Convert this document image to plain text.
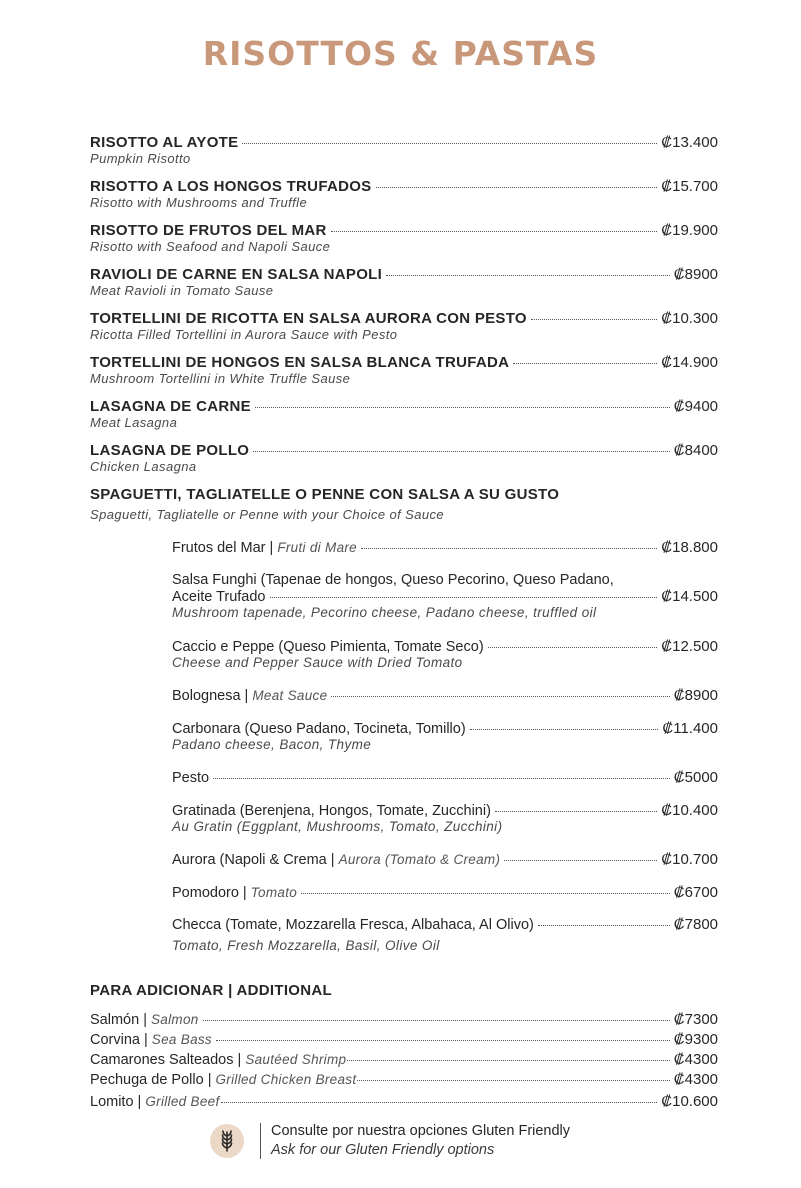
RISOTTOS & PASTAS
RISOTTO AL AYOTE	₡13.400
Pumpkin Risotto
RISOTTO A LOS HONGOS TRUFADOS	₡15.700
Risotto with Mushrooms and Truffle
RISOTTO DE FRUTOS DEL MAR	₡19.900
Risotto with Seafood and Napoli Sauce
RAVIOLI DE CARNE EN SALSA NAPOLI	₡8900
Meat Ravioli in Tomato Sause
TORTELLINI DE RICOTTA EN SALSA AURORA CON PESTO	₡10.300
Ricotta Filled Tortellini in Aurora Sauce with Pesto
TORTELLINI DE HONGOS EN SALSA BLANCA TRUFADA	₡14.900
Mushroom Tortellini in White Truffle Sause
LASAGNA DE CARNE	₡9400
Meat Lasagna
LASAGNA DE POLLO	₡8400
Chicken Lasagna
SPAGUETTI, TAGLIATELLE O PENNE CON SALSA A SU GUSTO
Spaguetti, Tagliatelle or Penne with your Choice of Sauce
Frutos del Mar | Fruti di Mare	₡18.800
Salsa Funghi (Tapenae de hongos, Queso Pecorino, Queso Padano,
Aceite Trufado	₡14.500
Mushroom tapenade, Pecorino cheese, Padano cheese, truffled oil
Caccio e Peppe (Queso Pimienta, Tomate Seco)	₡12.500
Cheese and Pepper Sauce with Dried Tomato
Bolognesa | Meat Sauce	₡8900
Carbonara (Queso Padano, Tocineta, Tomillo)	₡11.400
Padano cheese, Bacon, Thyme
Pesto	₡5000
Gratinada (Berenjena, Hongos, Tomate, Zucchini)	₡10.400
Au Gratin (Eggplant, Mushrooms, Tomato, Zucchini)
Aurora (Napoli & Crema | Aurora (Tomato & Cream)	₡10.700
Pomodoro | Tomato	₡6700
Checca (Tomate, Mozzarella Fresca, Albahaca, Al Olivo)	₡7800
Tomato, Fresh Mozzarella, Basil, Olive Oil
PARA ADICIONAR | ADDITIONAL
Salmón | Salmon	₡7300
Corvina | Sea Bass	₡9300
Camarones Salteados | Sautéed Shrimp	₡4300
Pechuga de Pollo | Grilled Chicken Breast	₡4300
Lomito | Grilled Beef	₡10.600
Consulte por nuestra opciones Gluten Friendly
Ask for our Gluten Friendly options
